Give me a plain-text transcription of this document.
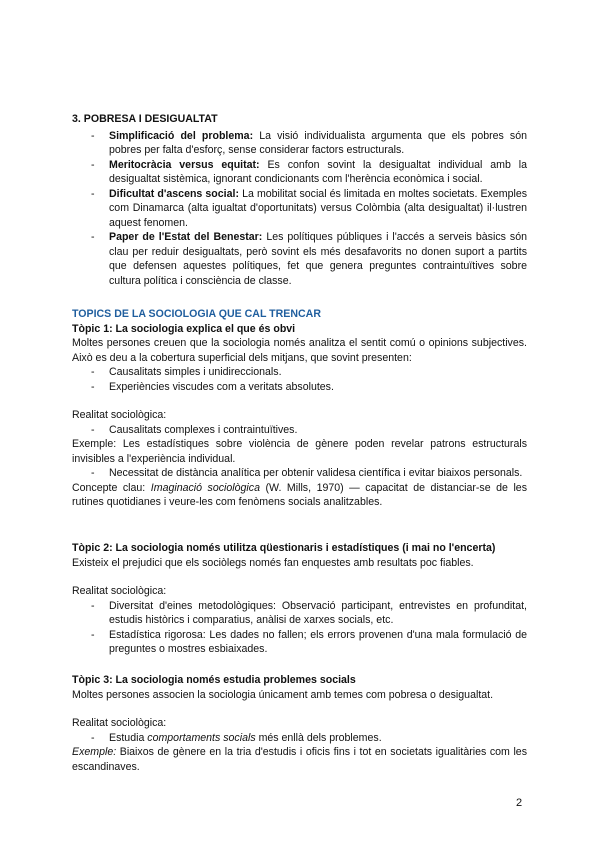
3. POBRESA I DESIGUALTAT

- Simplificació del problema: La visió individualista argumenta que els pobres són pobres per falta d'esforç, sense considerar factors estructurals.
- Meritocràcia versus equitat: Es confon sovint la desigualtat individual amb la desigualtat sistèmica, ignorant condicionants com l'herència econòmica i social.
- Dificultat d'ascens social: La mobilitat social és limitada en moltes societats. Exemples com Dinamarca (alta igualtat d'oportunitats) versus Colòmbia (alta desigualtat) il·lustren aquest fenomen.
- Paper de l'Estat del Benestar: Les polítiques públiques i l'accés a serveis bàsics són clau per reduir desigualtats, però sovint els més desafavorits no donen suport a partits que defensen aquestes polítiques, fet que genera preguntes contraintuïtives sobre cultura política i consciència de classe.

TOPICS DE LA SOCIOLOGIA QUE CAL TRENCAR

Tòpic 1: La sociologia explica el que és obvi

Moltes persones creuen que la sociologia només analitza el sentit comú o opinions subjectives. Això es deu a la cobertura superficial dels mitjans, que sovint presenten:

- Causalitats simples i unidireccionals.
- Experiències viscudes com a veritats absolutes.

Realitat sociològica:

- Causalitats complexes i contraintuïtives.

Exemple: Les estadístiques sobre violència de gènere poden revelar patrons estructurals invisibles a l'experiència individual.

- Necessitat de distància analítica per obtenir validesa científica i evitar biaixos personals.

Concepte clau: Imaginació sociològica (W. Mills, 1970) — capacitat de distanciar-se de les rutines quotidianes i veure-les com fenòmens socials analitzables.

Tòpic 2: La sociologia només utilitza qüestionaris i estadístiques (i mai no l'encerta)

Existeix el prejudici que els sociòlegs només fan enquestes amb resultats poc fiables.

Realitat sociològica:

- Diversitat d'eines metodològiques: Observació participant, entrevistes en profunditat, estudis històrics i comparatius, anàlisi de xarxes socials, etc.
- Estadística rigorosa: Les dades no fallen; els errors provenen d'una mala formulació de preguntes o mostres esbiaixades.

Tòpic 3: La sociologia només estudia problemes socials

Moltes persones associen la sociologia únicament amb temes com pobresa o desigualtat.

Realitat sociològica:

- Estudia comportaments socials més enllà dels problemes.

Exemple: Biaixos de gènere en la tria d'estudis i oficis fins i tot en societats igualitàries com les escandinaves.

2
